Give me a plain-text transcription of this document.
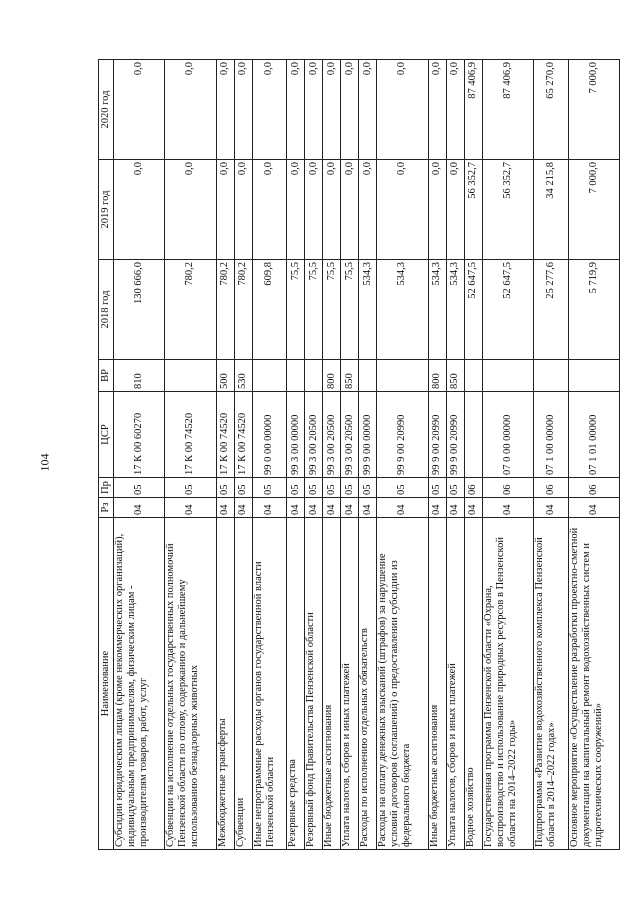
104
Наименование	Рз	Пр	ЦСР	ВР	2018 год	2019 год	2020 год
Субсидии юридическим лицам (кроме некоммерческих организаций), индивидуальным предпринимателям, физическим лицам - производителям товаров, работ, услуг	04	05	17 К 00 60270	810	130 666,0	0,0	0,0
Субвенции на исполнение отдельных государственных полномочий Пензенской области по отлову, содержанию и дальнейшему использованию безнадзорных животных	04	05	17 К 00 74520		780,2	0,0	0,0
Межбюджетные трансферты	04	05	17 К 00 74520	500	780,2	0,0	0,0
Субвенции	04	05	17 К 00 74520	530	780,2	0,0	0,0
Иные непрограммные расходы органов государственной власти Пензенской области	04	05	99 0 00 00000		609,8	0,0	0,0
Резервные средства	04	05	99 3 00 00000		75,5	0,0	0,0
Резервный фонд Правительства Пензенской области	04	05	99 3 00 20500		75,5	0,0	0,0
Иные бюджетные ассигнования	04	05	99 3 00 20500	800	75,5	0,0	0,0
Уплата налогов, сборов и иных платежей	04	05	99 3 00 20500	850	75,5	0,0	0,0
Расходы по исполнению отдельных обязательств	04	05	99 9 00 00000		534,3	0,0	0,0
Расходы на оплату денежных взысканий (штрафов) за нарушение условий договоров (соглашений) о предоставлении субсидии из федерального бюджета	04	05	99 9 00 20990		534,3	0,0	0,0
Иные бюджетные ассигнования	04	05	99 9 00 20990	800	534,3	0,0	0,0
Уплата налогов, сборов и иных платежей	04	05	99 9 00 20990	850	534,3	0,0	0,0
Водное хозяйство	04	06			52 647,5	56 352,7	87 406,9
Государственная программа Пензенской области «Охрана, воспроизводство и использование природных ресурсов в Пензенской области на 2014–2022 годы»	04	06	07 0 00 00000		52 647,5	56 352,7	87 406,9
Подпрограмма «Развитие водохозяйственного комплекса Пензенской области в 2014–2022 годах»	04	06	07 1 00 00000		25 277,6	34 215,8	65 270,0
Основное мероприятие «Осуществление разработки проектно-сметной документации на капитальный ремонт водохозяйственных систем и гидротехнических сооружений»	04	06	07 1 01 00000		5 719,9	7 000,0	7 000,0
